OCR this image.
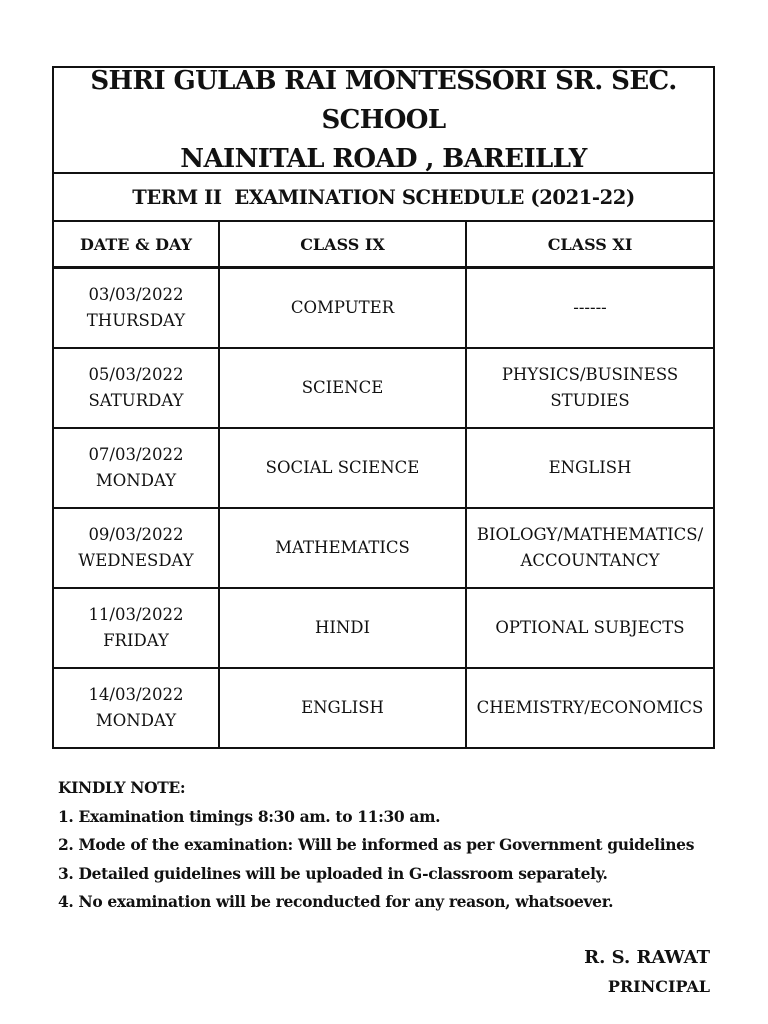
SHRI GULAB RAI MONTESSORI SR. SEC. SCHOOL
NAINITAL ROAD , BAREILLY
TERM II  EXAMINATION SCHEDULE (2021-22)
DATE & DAY	CLASS IX	CLASS XI
03/03/2022
THURSDAY	COMPUTER	------
05/03/2022
SATURDAY	SCIENCE	PHYSICS/BUSINESS
STUDIES
07/03/2022
MONDAY	SOCIAL SCIENCE	ENGLISH
09/03/2022
WEDNESDAY	MATHEMATICS	BIOLOGY/MATHEMATICS/
ACCOUNTANCY
11/03/2022
FRIDAY	HINDI	OPTIONAL SUBJECTS
14/03/2022
MONDAY	ENGLISH	CHEMISTRY/ECONOMICS
KINDLY NOTE:
1. Examination timings 8:30 am. to 11:30 am.
2. Mode of the examination: Will be informed as per Government guidelines
3. Detailed guidelines will be uploaded in G-classroom separately.
4. No examination will be reconducted for any reason, whatsoever.
R. S. RAWAT
PRINCIPAL
